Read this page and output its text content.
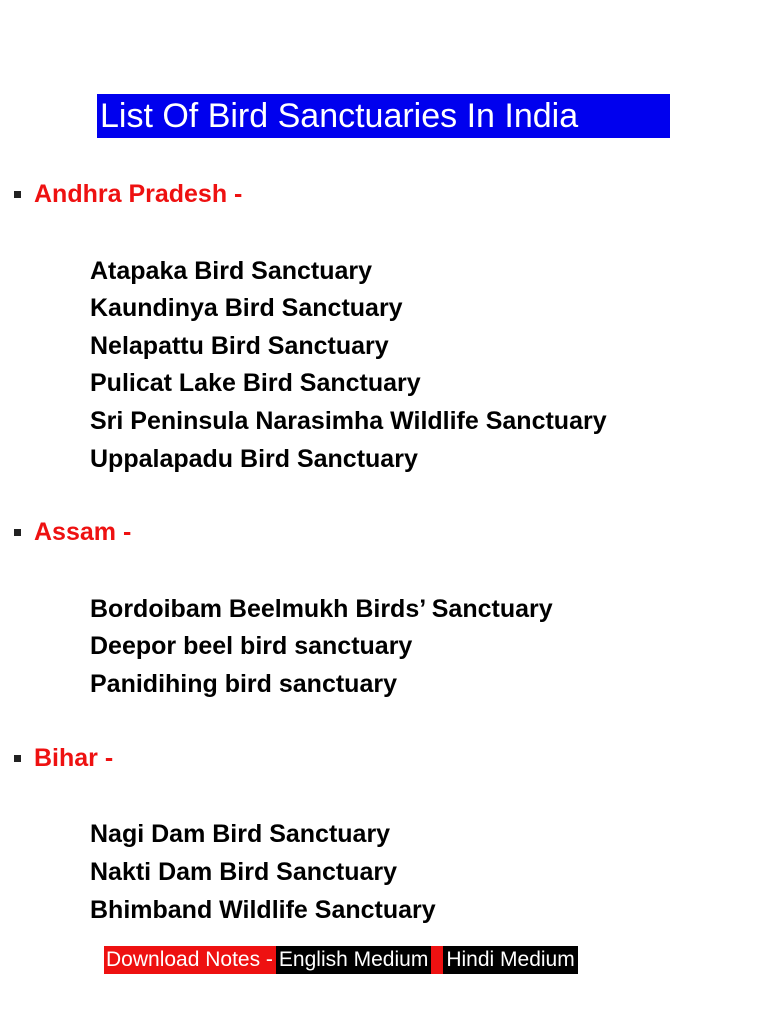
List Of Bird Sanctuaries In India
Andhra Pradesh -
Atapaka Bird Sanctuary
Kaundinya Bird Sanctuary
Nelapattu Bird Sanctuary
Pulicat Lake Bird Sanctuary
Sri Peninsula Narasimha Wildlife Sanctuary
Uppalapadu Bird Sanctuary
Assam -
Bordoibam Beelmukh Birds’ Sanctuary
Deepor beel bird sanctuary
Panidihing bird sanctuary
Bihar -
Nagi Dam Bird Sanctuary
Nakti Dam Bird Sanctuary
Bhimband Wildlife Sanctuary
Download Notes - English Medium Hindi Medium
